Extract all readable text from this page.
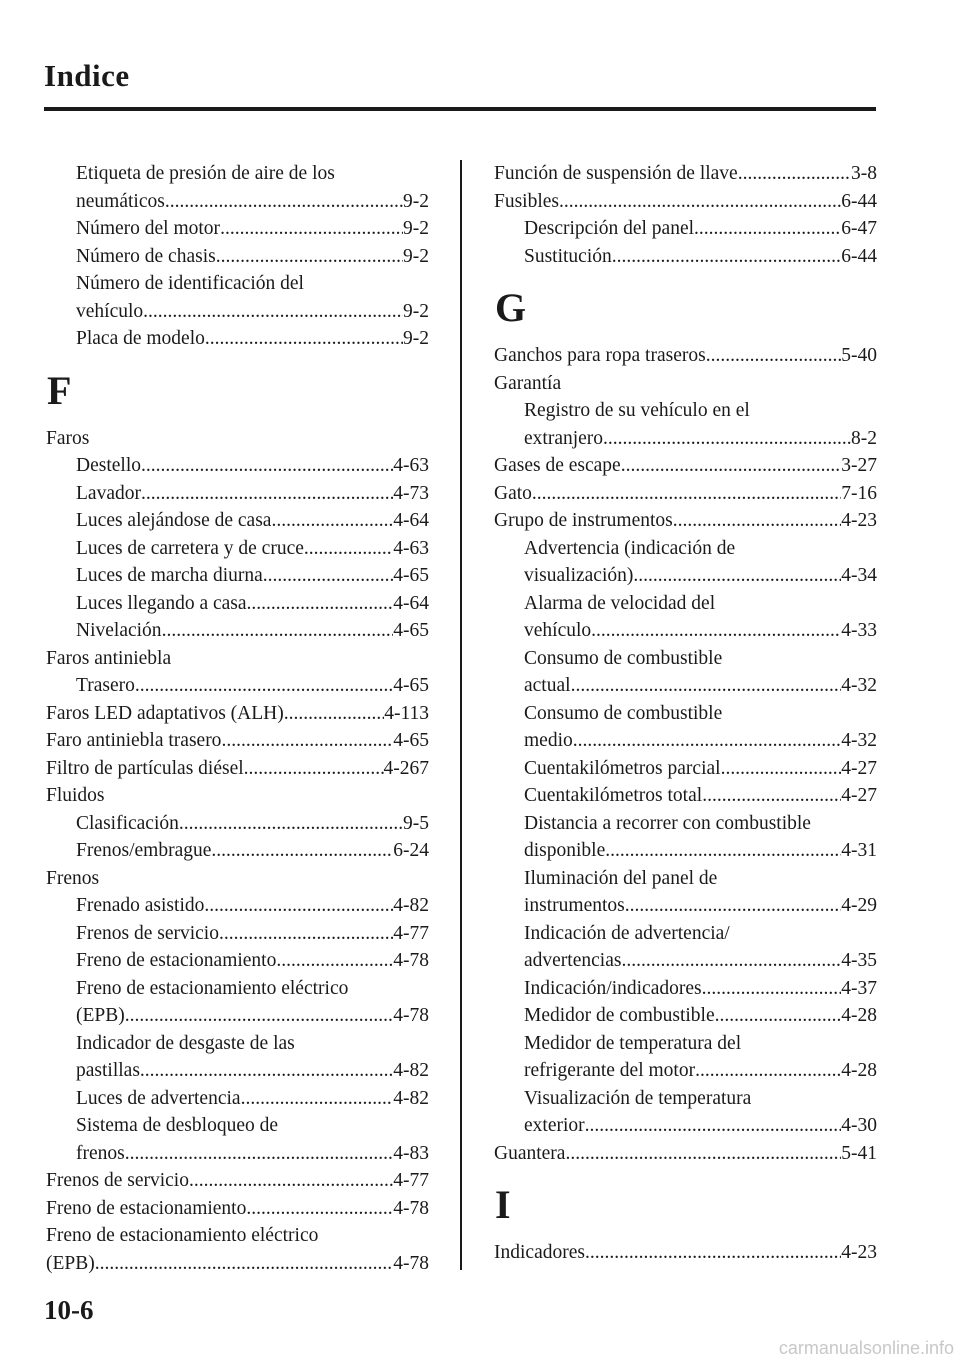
Indice
Etiqueta de presión de aire de los
neumáticos .....	9-2
Número del motor .....	9-2
Número de chasis .....	9-2
Número de identificación del
vehículo .....	9-2
Placa de modelo .....	9-2
F
Faros
Destello .....	4-63
Lavador .....	4-73
Luces alejándose de casa .....	4-64
Luces de carretera y de cruce .....	4-63
Luces de marcha diurna .....	4-65
Luces llegando a casa .....	4-64
Nivelación .....	4-65
Faros antiniebla
Trasero .....	4-65
Faros LED adaptativos (ALH) .....	4-113
Faro antiniebla trasero .....	4-65
Filtro de partículas diésel .....	4-267
Fluidos
Clasificación .....	9-5
Frenos/embrague .....	6-24
Frenos
Frenado asistido .....	4-82
Frenos de servicio .....	4-77
Freno de estacionamiento .....	4-78
Freno de estacionamiento eléctrico
(EPB) .....	4-78
Indicador de desgaste de las
pastillas .....	4-82
Luces de advertencia .....	4-82
Sistema de desbloqueo de
frenos .....	4-83
Frenos de servicio .....	4-77
Freno de estacionamiento .....	4-78
Freno de estacionamiento eléctrico
(EPB) .....	4-78
Función de suspensión de llave .....	3-8
Fusibles .....	6-44
Descripción del panel .....	6-47
Sustitución .....	6-44
G
Ganchos para ropa traseros .....	5-40
Garantía
Registro de su vehículo en el
extranjero .....	8-2
Gases de escape .....	3-27
Gato .....	7-16
Grupo de instrumentos .....	4-23
Advertencia (indicación de
visualización) .....	4-34
Alarma de velocidad del
vehículo .....	4-33
Consumo de combustible
actual .....	4-32
Consumo de combustible
medio .....	4-32
Cuentakilómetros parcial .....	4-27
Cuentakilómetros total .....	4-27
Distancia a recorrer con combustible
disponible .....	4-31
Iluminación del panel de
instrumentos .....	4-29
Indicación de advertencia/
advertencias .....	4-35
Indicación/indicadores .....	4-37
Medidor de combustible .....	4-28
Medidor de temperatura del
refrigerante del motor .....	4-28
Visualización de temperatura
exterior .....	4-30
Guantera .....	5-41
I
Indicadores .....	4-23
10-6
carmanualsonline.info
